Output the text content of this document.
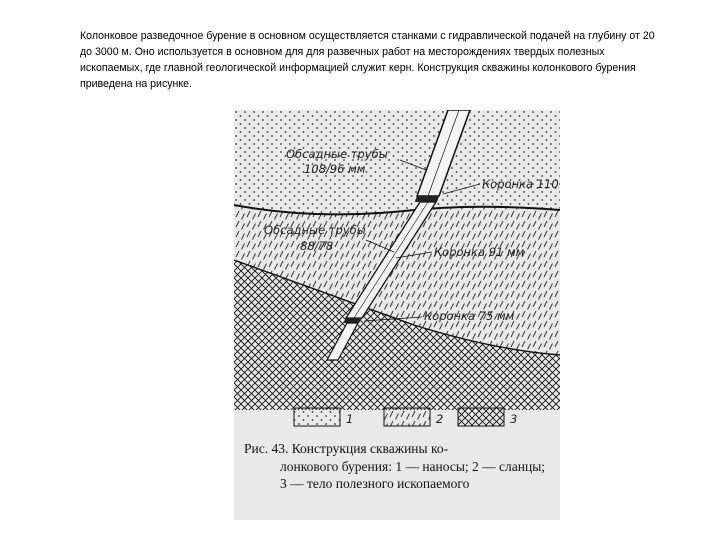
Колонковое разведочное бурение в основном осуществляется станками с гидравлической подачей на глубину от 20 до 3000 м. Оно используется в основном для для развечных работ на месторождениях твердых полезных ископаемых, где главной геологической информацией служит керн. Конструкция скважины колонкового бурения приведена на рисунке.

Обсадные трубы
108/96 мм
Коронка 110
Обсадные трубы
88/78	Коронка 91 мм
Коронка 75 мм
1	2	3

Рис. 43. Конструкция скважины ко-

лонкового бурения: 1 — наносы; 2 — сланцы; 3 — тело полезного ископаемого
